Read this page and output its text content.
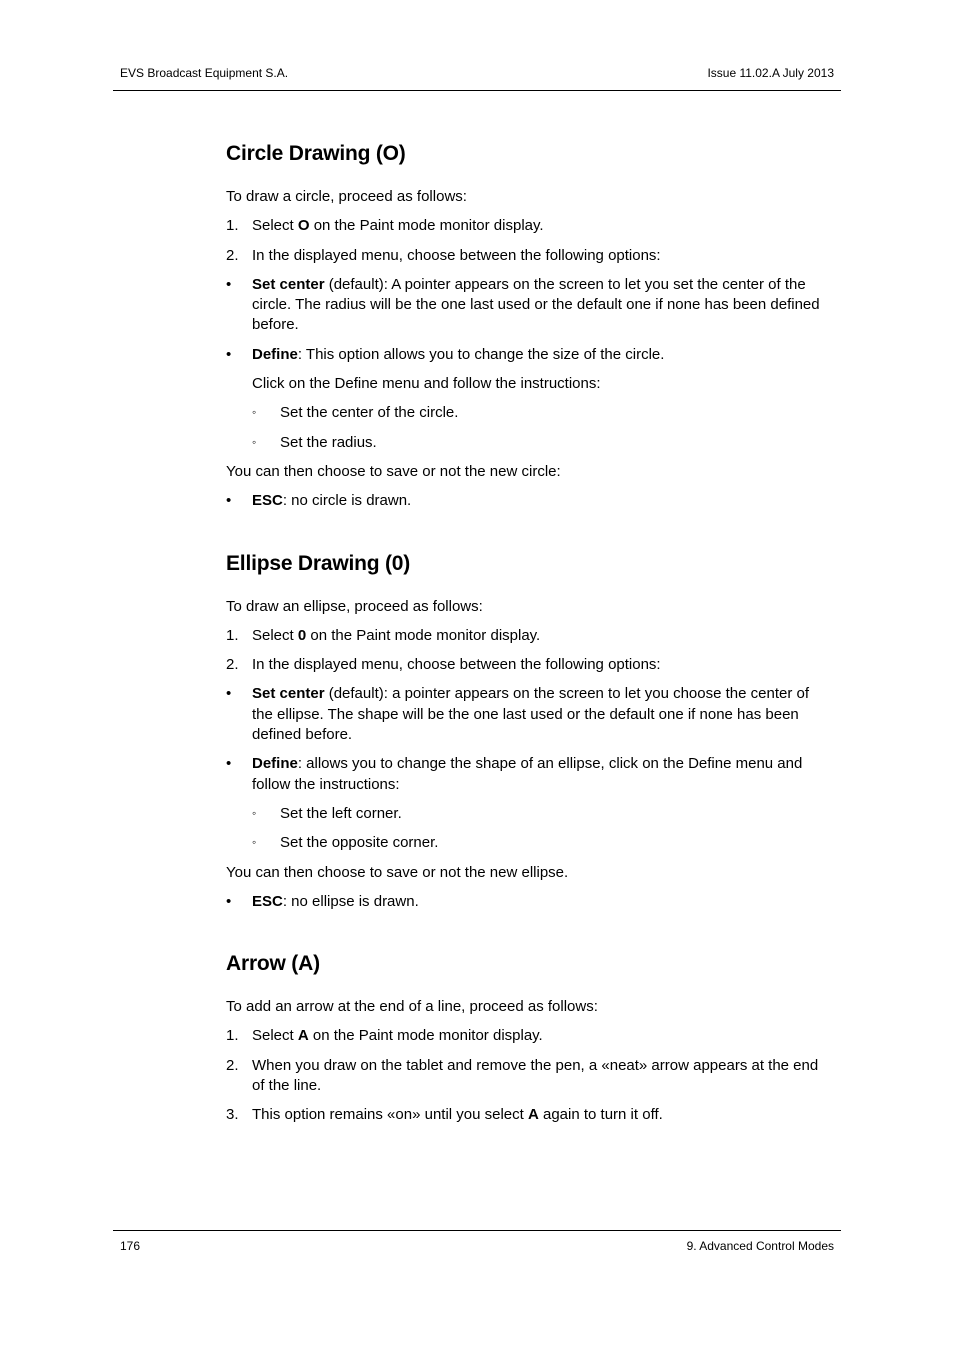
EVS Broadcast Equipment S.A.	Issue 11.02.A July 2013
Circle Drawing (O)

To draw a circle, proceed as follows:

1. Select O on the Paint mode monitor display.
2. In the displayed menu, choose between the following options:
• Set center (default): A pointer appears on the screen to let you set the center of the circle. The radius will be the one last used or the default one if none has been defined before.
• Define: This option allows you to change the size of the circle.

Click on the Define menu and follow the instructions:

◦ Set the center of the circle.
◦ Set the radius.

You can then choose to save or not the new circle:

• ESC: no circle is drawn.
Ellipse Drawing (0)

To draw an ellipse, proceed as follows:

1. Select 0 on the Paint mode monitor display.
2. In the displayed menu, choose between the following options:
• Set center (default): a pointer appears on the screen to let you choose the center of the ellipse. The shape will be the one last used or the default one if none has been defined before.
• Define: allows you to change the shape of an ellipse, click on the Define menu and follow the instructions:
◦ Set the left corner.
◦ Set the opposite corner.

You can then choose to save or not the new ellipse.

• ESC: no ellipse is drawn.
Arrow (A)

To add an arrow at the end of a line, proceed as follows:

1. Select A on the Paint mode monitor display.
2. When you draw on the tablet and remove the pen, a «neat» arrow appears at the end of the line.
3. This option remains «on» until you select A again to turn it off.
176	9. Advanced Control Modes
